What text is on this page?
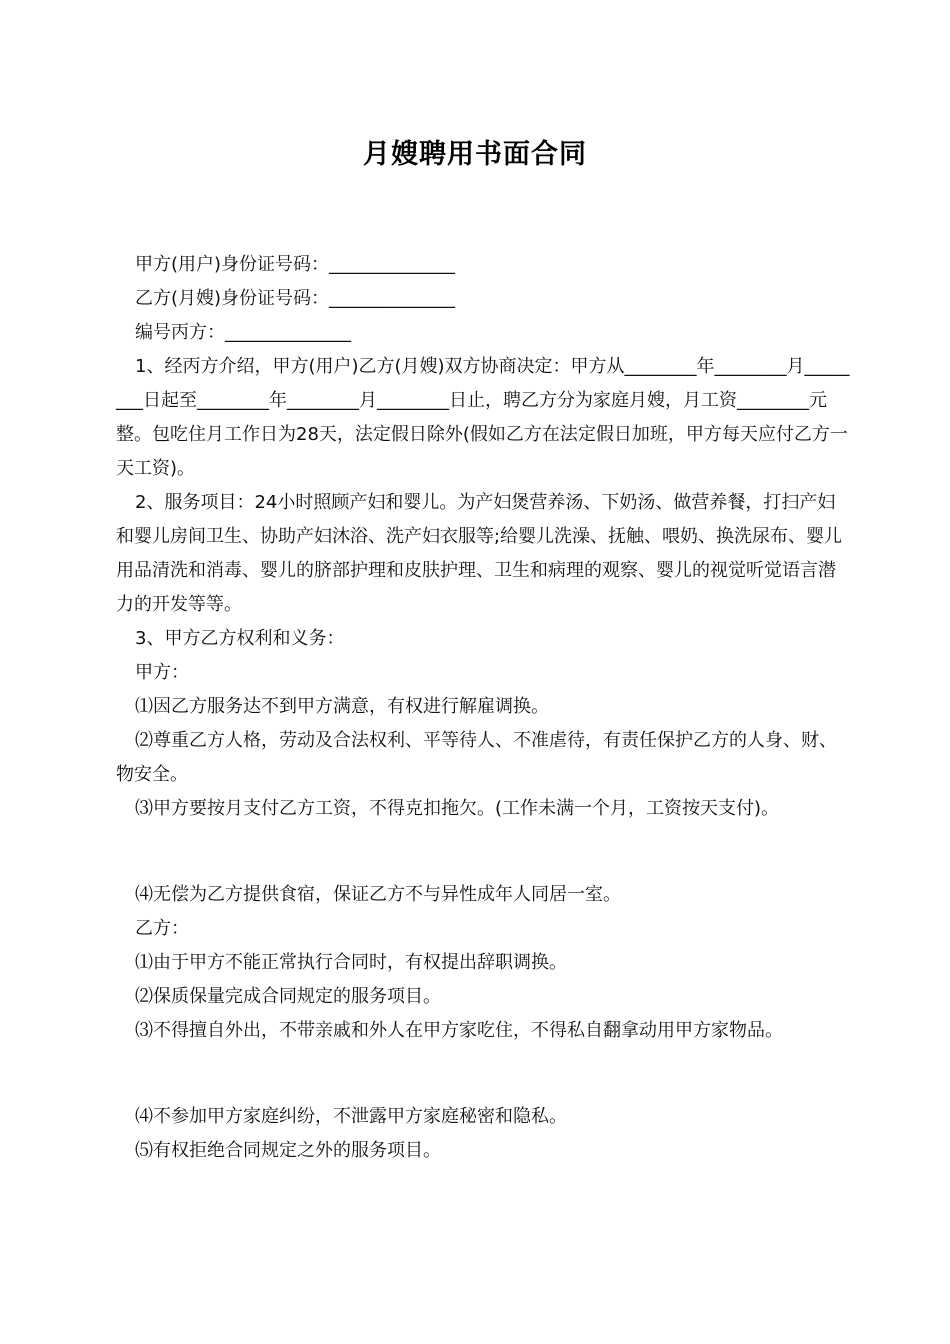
月嫂聘用书面合同

甲方(用户)身份证号码：______________

乙方(月嫂)身份证号码：______________

编号丙方：______________

1、经丙方介绍，甲方(用户)乙方(月嫂)双方协商决定：甲方从________年________月________日起至________年________月________日止，聘乙方分为家庭月嫂，月工资________元整。包吃住月工作日为28天，法定假日除外(假如乙方在法定假日加班，甲方每天应付乙方一天工资)。

2、服务项目：24小时照顾产妇和婴儿。为产妇煲营养汤、下奶汤、做营养餐，打扫产妇和婴儿房间卫生、协助产妇沐浴、洗产妇衣服等;给婴儿洗澡、抚触、喂奶、换洗尿布、婴儿用品清洗和消毒、婴儿的脐部护理和皮肤护理、卫生和病理的观察、婴儿的视觉听觉语言潜力的开发等等。

3、甲方乙方权利和义务：

甲方：

⑴因乙方服务达不到甲方满意，有权进行解雇调换。

⑵尊重乙方人格，劳动及合法权利、平等待人、不准虐待，有责任保护乙方的人身、财、物安全。

⑶甲方要按月支付乙方工资，不得克扣拖欠。(工作未满一个月，工资按天支付)。

⑷无偿为乙方提供食宿，保证乙方不与异性成年人同居一室。

乙方：

⑴由于甲方不能正常执行合同时，有权提出辞职调换。

⑵保质保量完成合同规定的服务项目。

⑶不得擅自外出，不带亲戚和外人在甲方家吃住，不得私自翻拿动用甲方家物品。

⑷不参加甲方家庭纠纷，不泄露甲方家庭秘密和隐私。

⑸有权拒绝合同规定之外的服务项目。
